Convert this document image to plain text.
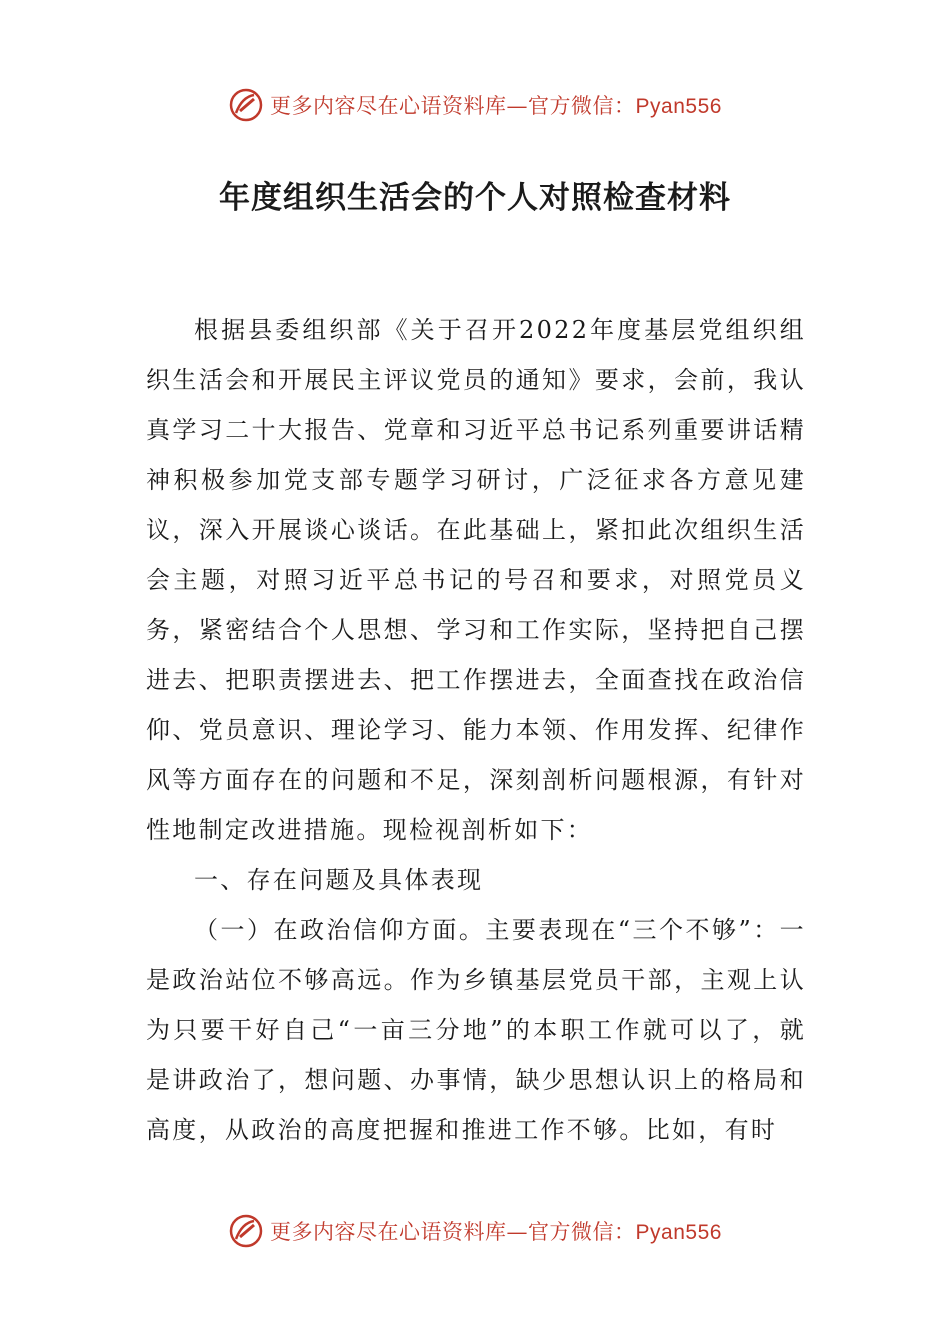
更多内容尽在心语资料库—官方微信：Pyan556
年度组织生活会的个人对照检查材料

根据县委组织部《关于召开2022年度基层党组织组织生活会和开展民主评议党员的通知》要求，会前，我认真学习二十大报告、党章和习近平总书记系列重要讲话精神积极参加党支部专题学习研讨，广泛征求各方意见建议，深入开展谈心谈话。在此基础上，紧扣此次组织生活会主题，对照习近平总书记的号召和要求，对照党员义务，紧密结合个人思想、学习和工作实际，坚持把自己摆进去、把职责摆进去、把工作摆进去，全面查找在政治信仰、党员意识、理论学习、能力本领、作用发挥、纪律作风等方面存在的问题和不足，深刻剖析问题根源，有针对性地制定改进措施。现检视剖析如下：

一、存在问题及具体表现

（一）在政治信仰方面。主要表现在“三个不够”：一是政治站位不够高远。作为乡镇基层党员干部，主观上认为只要干好自己“一亩三分地”的本职工作就可以了，就是讲政治了，想问题、办事情，缺少思想认识上的格局和高度，从政治的高度把握和推进工作不够。比如，有时

更多内容尽在心语资料库—官方微信：Pyan556
